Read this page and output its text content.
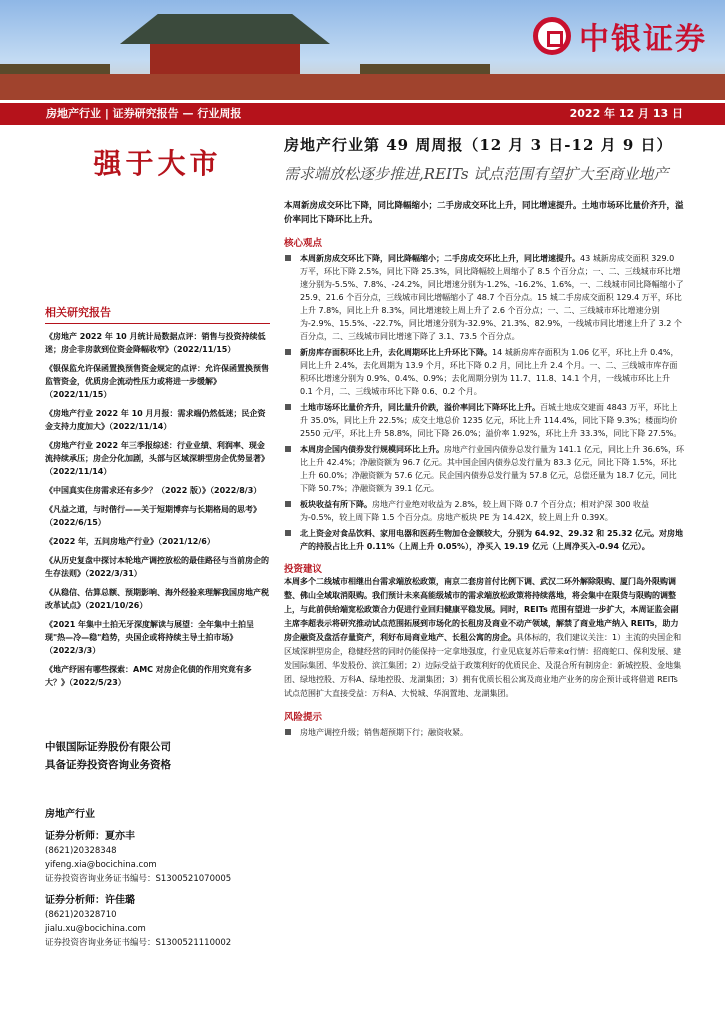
中银证券
房地产行业 | 证券研究报告 — 行业周报	2022 年 12 月 13 日
强于大市
相关研究报告
《房地产 2022 年 10 月统计局数据点评：销售与投资持续低迷；房企非房款到位资金降幅收窄》（2022/11/15）
《银保监允许保函置换预售资金规定的点评：允许保函置换预售监管资金，优质房企流动性压力或将进一步缓解》（2022/11/15）
《房地产行业 2022 年 10 月月报：需求端仍然低迷；民企资金支持力度加大》（2022/11/14）
《房地产行业 2022 年三季报综述：行业业绩、利润率、现金流持续承压；房企分化加剧，头部与区域深耕型房企优势显著》（2022/11/14）
《中国真实住房需求还有多少？（2022 版）》（2022/8/3）
《凡益之道，与时偕行——关于短期博弈与长期格局的思考》（2022/6/15）
《2022 年，五问房地产行业》（2021/12/6）
《从历史复盘中探讨本轮地产调控放松的最佳路径与当前房企的生存法则》（2022/3/31）
《从稳信、估算总额、预期影响、海外经验来理解我国房地产税改革试点》（2021/10/26）
《2021 年集中土拍无牙深度解读与展望：全年集中土拍呈现"热—冷—稳"趋势，央国企或将持续主导土拍市场》（2022/3/3）
《地产纾困有哪些探索：AMC 对房企化债的作用究竟有多大？》（2022/5/23）
中银国际证券股份有限公司
具备证券投资咨询业务资格
房地产行业
证券分析师：夏亦丰
(8621)20328348
yifeng.xia@bocichina.com
证券投资咨询业务证书编号：S1300521070005
证券分析师：许佳璐
(8621)20328710
jialu.xu@bocichina.com
证券投资咨询业务证书编号：S1300521110002
房地产行业第 49 周周报（12 月 3 日-12 月 9 日）
需求端放松逐步推进,REITs 试点范围有望扩大至商业地产
本周新房成交环比下降，同比降幅缩小；二手房成交环比上升，同比增速提升。土地市场环比量价齐升，溢价率同比下降环比上升。
核心观点
本周新房成交环比下降，同比降幅缩小；二手房成交环比上升，同比增速提升。43 城新房成交面积 329.0 万平，环比下降 2.5%，同比下降 25.3%，同比降幅较上周缩小了 8.5 个百分点；一、二、三线城市环比增速分别为-5.5%、7.8%、-24.2%，同比增速分别为-1.2%、-16.2%、1.6%，一、二线城市同比降幅缩小了 25.9、21.6 个百分点，三线城市同比增幅缩小了 48.7 个百分点。15 城二手房成交面积 129.4 万平，环比上升 7.8%，同比上升 8.3%，同比增速较上周上升了 2.6 个百分点；一、二、三线城市环比增速分别为-2.9%、15.5%、-22.7%，同比增速分别为-32.9%、21.3%、82.9%，一线城市同比增速上升了 3.2 个百分点，二、三线城市同比增速下降了 3.1、73.5 个百分点。
新房库存面积环比上升，去化周期环比上升环比下降。14 城新房库存面积为 1.06 亿平，环比上升 0.4%，同比上升 2.4%，去化周期为 13.9 个月，环比下降 0.2 月，同比上升 2.4 个月。一、二、三线城市库存面积环比增速分别为 0.9%、0.4%、0.9%；去化周期分别为 11.7、11.8、14.1 个月，一线城市环比上升 0.1 个月，二、三线城市环比下降 0.6、0.2 个月。
土地市场环比量价齐升，同比量升价跌，溢价率同比下降环比上升。百城土地成交建面 4843 万平，环比上升 35.0%，同比上升 22.5%；成交土地总价 1235 亿元，环比上升 114.4%，同比下降 9.3%；楼面均价 2550 元/平，环比上升 58.8%，同比下降 26.0%；溢价率 1.92%，环比上升 33.3%，同比下降 27.5%。
本周房企国内债券发行规模同环比上升。房地产行业国内债券总发行量为 141.1 亿元，同比上升 36.6%，环比上升 42.4%；净融资额为 96.7 亿元。其中国企国内债券总发行量为 83.3 亿元，同比下降 1.5%，环比上升 60.0%；净融资额为 57.6 亿元。民企国内债券总发行量为 57.8 亿元，总偿还量为 18.7 亿元，同比下降 50.7%；净融资额为 39.1 亿元。
板块收益有所下降。房地产行业绝对收益为 2.8%，较上周下降 0.7 个百分点；相对沪深 300 收益为-0.5%，较上周下降 1.5 个百分点。房地产板块 PE 为 14.42X，较上周上升 0.39X。
北上资金对食品饮料、家用电器和医药生物加仓金额较大，分别为 64.92、29.32 和 25.32 亿元。对房地产的持股占比上升 0.11%（上周上升 0.05%），净买入 19.19 亿元（上周净买入-0.94 亿元）。
投资建议
本周多个二线城市相继出台需求端放松政策，南京二套房首付比例下调、武汉二环外解除限购、厦门岛外限购调整、佛山全域取消限购。我们预计未来高能级城市的需求端放松政策将持续落地，将会集中在限贷与限购的调整上，与此前供给端宽松政策合力促进行业回归健康平稳发展。同时，REITs 范围有望进一步扩大，本周证监会副主席李超表示将研究推动试点范围拓展到市场化的长租房及商业不动产领域，解禁了商业地产纳入 REITs，助力房企融资及盘活存量资产，利好布局商业地产、长租公寓的房企。具体标的，我们建议关注：1）主流的央国企和区域深耕型房企，稳健经营的同时仍能保持一定拿地强度，行业见底复苏后带来α行情：招商蛇口、保利发展、建发国际集团、华发股份、滨江集团；2）边际受益于政策利好的优质民企、及混合所有制房企：新城控股、金地集团、绿地控股、万科A、绿地控股、龙湖集团；3）拥有优质长租公寓及商业地产业务的房企预计或将借道 REITs 试点范围扩大直接受益：万科A、大悦城、华润置地、龙湖集团。
风险提示
房地产调控升级；销售超预期下行；融资收紧。
